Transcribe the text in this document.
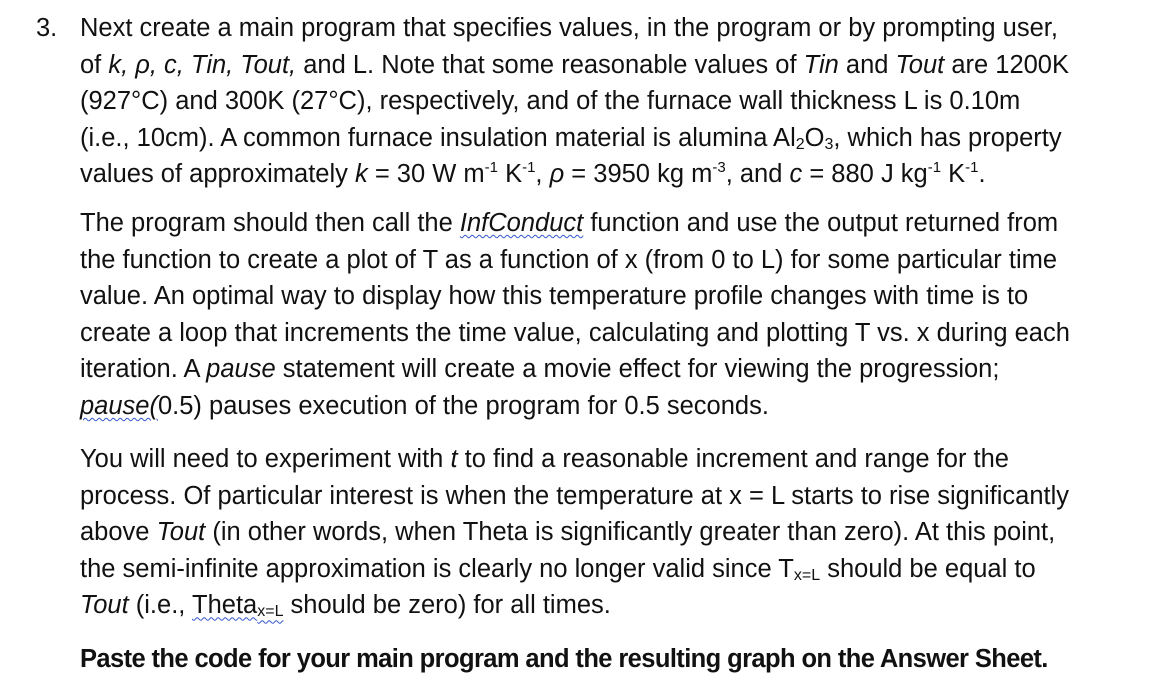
3. Next create a main program that specifies values, in the program or by prompting user,
of k, ρ, c, Tin, Tout, and L. Note that some reasonable values of Tin and Tout are 1200K
(927°C) and 300K (27°C), respectively, and of the furnace wall thickness L is 0.10m
(i.e., 10cm). A common furnace insulation material is alumina Al2O3, which has property
values of approximately k = 30 W $m^{-1}$ $K^{-1}$, ρ = 3950 kg $m^{-3}$, and c = 880 J $kg^{-1}$ $K^{-1}$.
The program should then call the InfConduct function and use the output returned from
the function to create a plot of T as a function of x (from 0 to L) for some particular time
value. An optimal way to display how this temperature profile changes with time is to
create a loop that increments the time value, calculating and plotting T vs. x during each
iteration. A pause statement will create a movie effect for viewing the progression;
pause(0.5) pauses execution of the program for 0.5 seconds.
You will need to experiment with t to find a reasonable increment and range for the
process. Of particular interest is when the temperature at x = L starts to rise significantly
above Tout (in other words, when Theta is significantly greater than zero). At this point,
the semi-infinite approximation is clearly no longer valid since Tx=L should be equal to
Tout (i.e., Thetax=L should be zero) for all times.
Paste the code for your main program and the resulting graph on the Answer Sheet.
